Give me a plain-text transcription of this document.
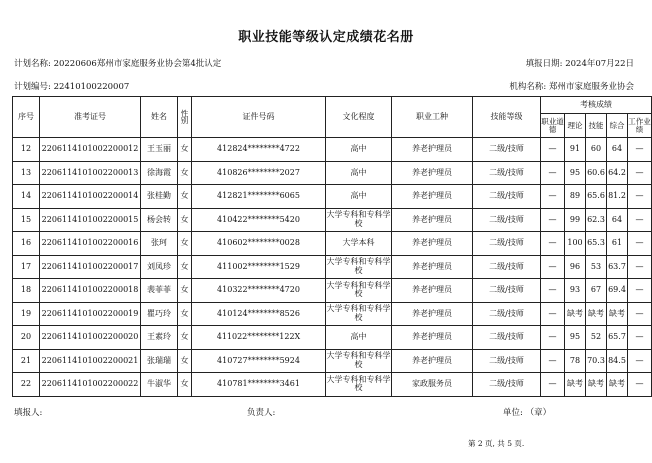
职业技能等级认定成绩花名册
计划名称: 20220606郑州市家庭服务业协会第4批认定	填报日期: 2024年07月22日
计划编号: 22410100220007	机构名称: 郑州市家庭服务业协会
序号	准考证号	姓名	性别	证件号码	文化程度	职业工种	技能等级	考核成绩				
								职业道德	理论	技能	综合	工作业绩
12	2206114101002200012	王玉丽	女	412824********4722	高中	养老护理员	二级/技师	—	91	60	64	—
13	2206114101002200013	徐海霞	女	410826********2027	高中	养老护理员	二级/技师	—	95	60.6	64.2	—
14	2206114101002200014	张桂勤	女	412821********6065	高中	养老护理员	二级/技师	—	89	65.6	81.2	—
15	2206114101002200015	杨会转	女	410422********5420	大学专科和专科学校	养老护理员	二级/技师	—	99	62.3	64	—
16	2206114101002200016	张珂	女	410602********0028	大学本科	养老护理员	二级/技师	—	100	65.3	61	—
17	2206114101002200017	刘凤珍	女	411002********1529	大学专科和专科学校	养老护理员	二级/技师	—	96	53	63.7	—
18	2206114101002200018	裴菲菲	女	410322********4720	大学专科和专科学校	养老护理员	二级/技师	—	93	67	69.4	—
19	2206114101002200019	瞿巧玲	女	410124********8526	大学专科和专科学校	养老护理员	二级/技师	—	缺考	缺考	缺考	—
20	2206114101002200020	王素玲	女	411022********122X	高中	养老护理员	二级/技师	—	95	52	65.7	—
21	2206114101002200021	张瑞瑞	女	410727********5924	大学专科和专科学校	养老护理员	二级/技师	—	78	70.3	84.5	—
22	2206114101002200022	牛淑华	女	410781********3461	大学专科和专科学校	家政服务员	二级/技师	—	缺考	缺考	缺考	—
填报人:	负责人:	单位: （章）
第 2 页, 共 5 页.
